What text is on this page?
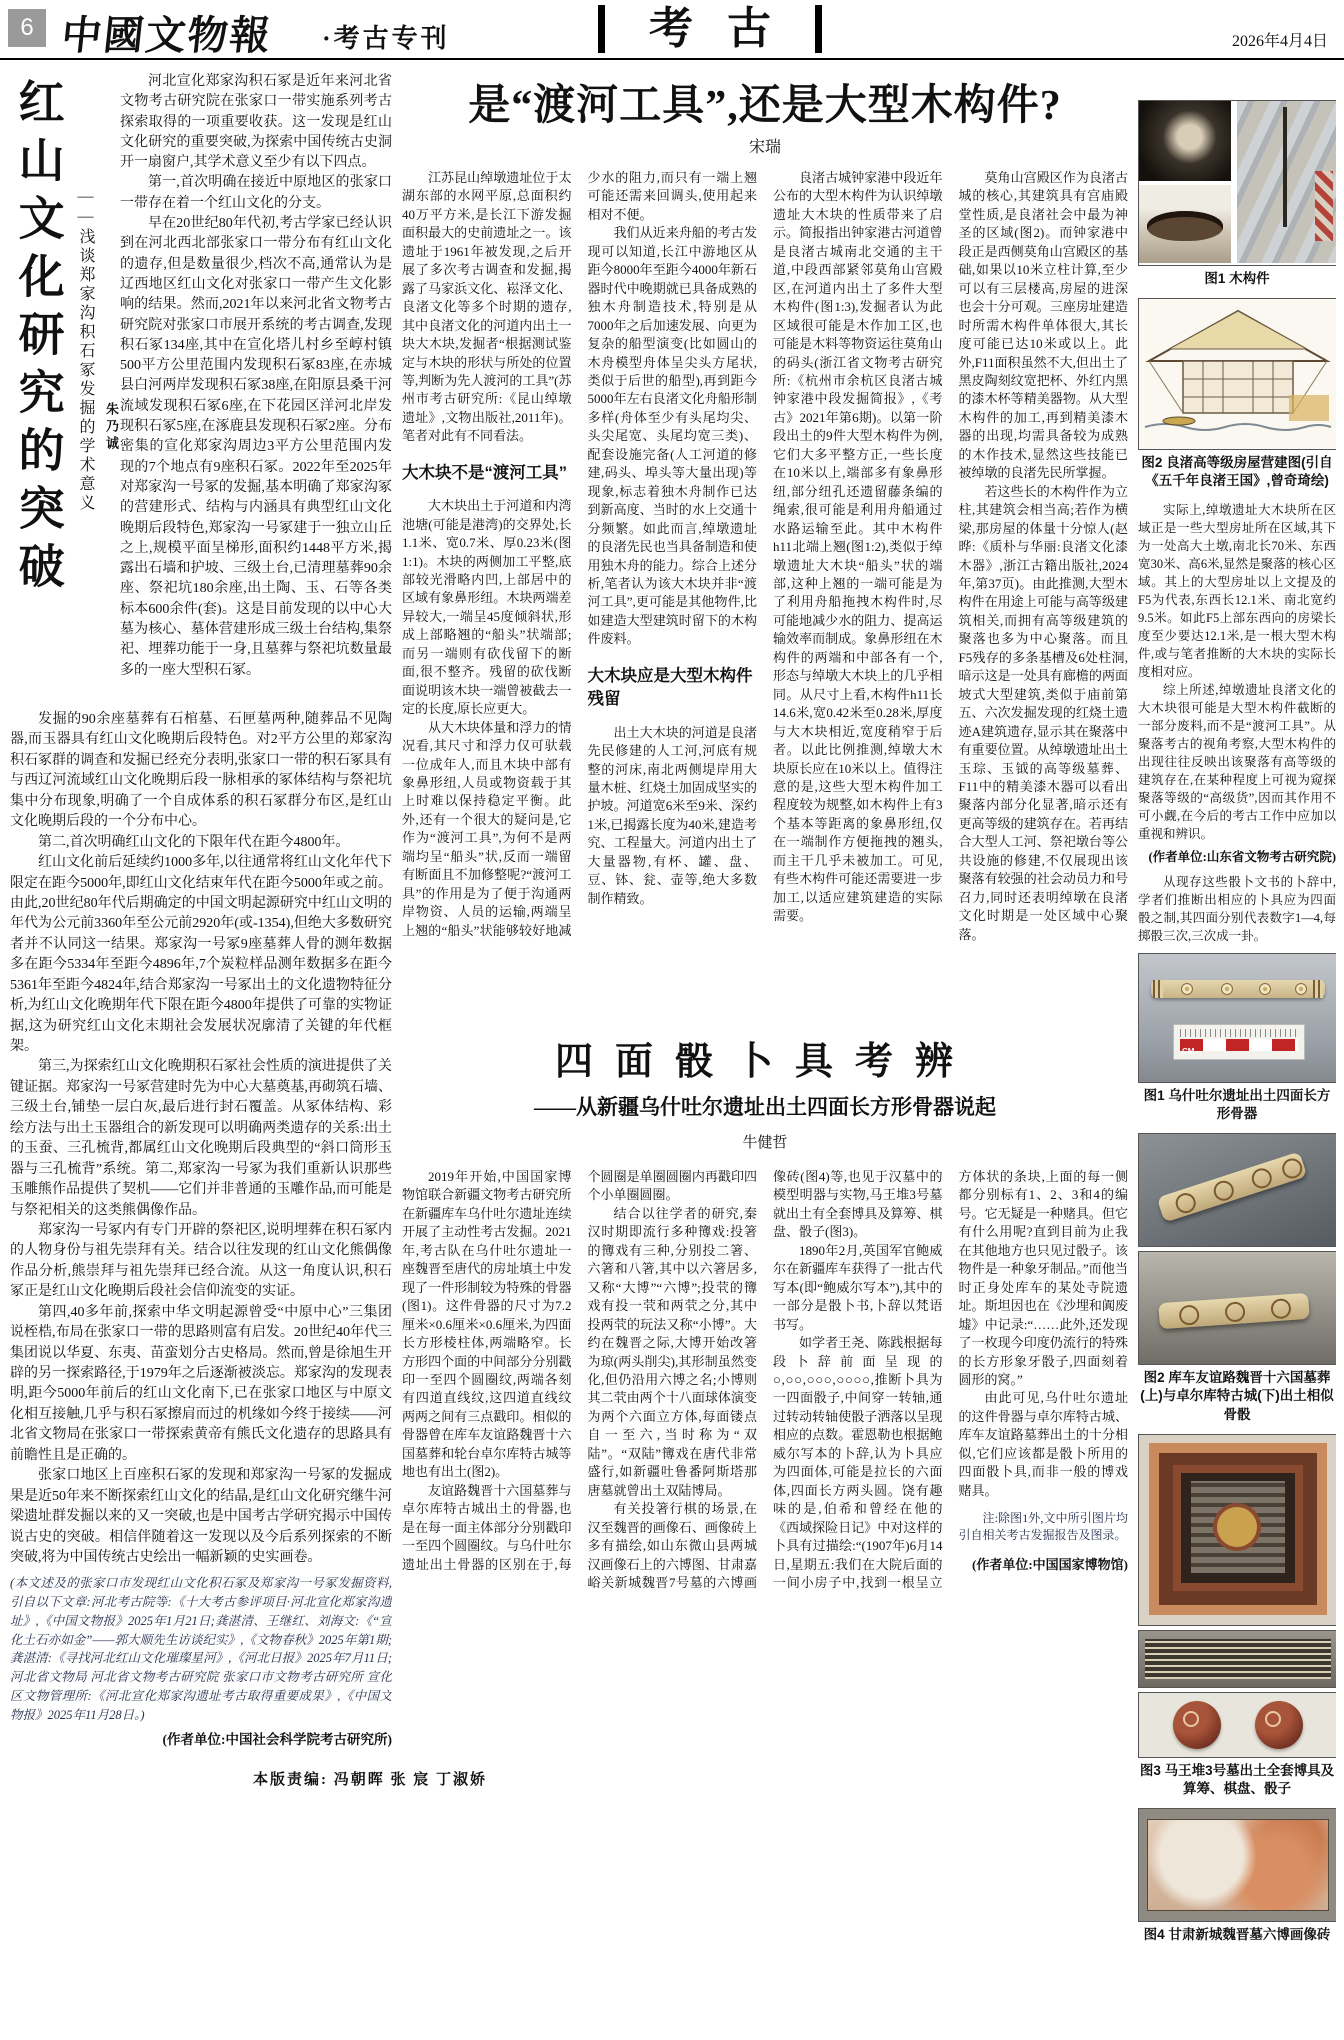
6 中國文物報 ·考古专刊	考古	2026年4月4日
红山文化研究的突破 ——浅谈郑家沟积石冢发掘的学术意义 朱乃诚

河北宣化郑家沟积石冢是近年来河北省文物考古研究院在张家口一带实施系列考古探索取得的一项重要收获。这一发现是红山文化研究的重要突破,为探索中国传统古史洞开一扇窗户,其学术意义至少有以下四点。

第一,首次明确在接近中原地区的张家口一带存在着一个红山文化的分支。

早在20世纪80年代初,考古学家已经认识到在河北西北部张家口一带分布有红山文化的遗存,但是数量很少,档次不高,通常认为是辽西地区红山文化对张家口一带产生文化影响的结果。然而,2021年以来河北省文物考古研究院对张家口市展开系统的考古调查,发现积石冢134座,其中在宣化塔儿村乡至崞村镇500平方公里范围内发现积石冢83座,在赤城县白河两岸发现积石冢38座,在阳原县桑干河流域发现积石冢6座,在下花园区洋河北岸发现积石冢5座,在涿鹿县发现积石冢2座。分布密集的宣化郑家沟周边3平方公里范围内发现的7个地点有9座积石冢。2022年至2025年对郑家沟一号冢的发掘,基本明确了郑家沟冢的营建形式、结构与内涵具有典型红山文化晚期后段特色,郑家沟一号冢建于一独立山丘之上,规模平面呈梯形,面积约1448平方米,揭露出石墙和护坡、三级土台,已清理墓葬90余座、祭祀坑180余座,出土陶、玉、石等各类标本600余件(套)。这是目前发现的以中心大墓为核心、墓体营建形成三级土台结构,集祭祀、埋葬功能于一身,且墓葬与祭祀坑数量最多的一座大型积石冢。

发掘的90余座墓葬有石棺墓、石匣墓两种,随葬品不见陶器,而玉器具有红山文化晚期后段特色。对2平方公里的郑家沟积石冢群的调查和发掘已经充分表明,张家口一带的积石冢具有与西辽河流域红山文化晚期后段一脉相承的冢体结构与祭祀坑集中分布现象,明确了一个自成体系的积石冢群分布区,是红山文化晚期后段的一个分布中心。

第二,首次明确红山文化的下限年代在距今4800年。

红山文化前后延续约1000多年,以往通常将红山文化年代下限定在距今5000年,即红山文化结束年代在距今5000年或之前。由此,20世纪80年代后期确定的中国文明起源研究中红山文明的年代为公元前3360年至公元前2920年(或-1354),但绝大多数研究者并不认同这一结果。郑家沟一号冢9座墓葬人骨的测年数据多在距今5334年至距今4896年,7个炭粒样品测年数据多在距今5361年至距今4824年,结合郑家沟一号冢出土的文化遗物特征分析,为红山文化晚期年代下限在距今4800年提供了可靠的实物证据,这为研究红山文化末期社会发展状况廓清了关键的年代框架。

第三,为探索红山文化晚期积石冢社会性质的演进提供了关键证据。郑家沟一号冢营建时先为中心大墓奠基,再砌筑石墙、三级土台,铺垫一层白灰,最后进行封石覆盖。从冢体结构、彩绘方法与出土玉器组合的新发现可以明确两类遗存的关系:出土的玉蚕、三孔梳背,都属红山文化晚期后段典型的“斜口筒形玉器与三孔梳背”系统。第二,郑家沟一号冢为我们重新认识那些玉雕熊作品提供了契机——它们并非普通的玉雕作品,而可能是与祭祀相关的这类熊偶像作品。

郑家沟一号冢内有专门开辟的祭祀区,说明埋葬在积石冢内的人物身份与祖先崇拜有关。结合以往发现的红山文化熊偶像作品分析,熊崇拜与祖先崇拜已经合流。从这一角度认识,积石冢正是红山文化晚期后段社会信仰流变的实证。

第四,40多年前,探索中华文明起源曾受“中原中心”三集团说桎梏,布局在张家口一带的思路则富有启发。20世纪40年代三集团说以华夏、东夷、苗蛮划分古史格局。然而,曾是徐旭生开辟的另一探索路径,于1979年之后逐渐被淡忘。郑家沟的发现表明,距今5000年前后的红山文化南下,已在张家口地区与中原文化相互接触,几乎与积石冢擦肩而过的机缘如今终于接续——河北省文物局在张家口一带探索黄帝有熊氏文化遗存的思路具有前瞻性且是正确的。

张家口地区上百座积石冢的发现和郑家沟一号冢的发掘成果是近50年来不断探索红山文化的结晶,是红山文化研究继牛河梁遗址群发掘以来的又一突破,也是中国考古学研究揭示中国传说古史的突破。相信伴随着这一发现以及今后系列探索的不断突破,将为中国传统古史绘出一幅新颖的史实画卷。

(本文述及的张家口市发现红山文化积石冢及郑家沟一号冢发掘资料,引自以下文章:河北考古院等:《十大考古参评项目·河北宣化郑家沟遗址》,《中国文物报》2025年1月21日;龚湛清、王继红、刘海文:《“宣化土石亦如金”——郭大顺先生访谈纪实》,《文物春秋》2025年第1期;龚湛清:《寻找河北红山文化璀璨星河》,《河北日报》2025年7月11日;河北省文物局 河北省文物考古研究院 张家口市文物考古研究所 宣化区文物管理所:《河北宣化郑家沟遗址考古取得重要成果》,《中国文物报》2025年11月28日。)
(作者单位:中国社会科学院考古研究所)
本版责编: 冯朝晖 张 宸 丁淑娇
是“渡河工具”,还是大型木构件?
宋瑞

江苏昆山绰墩遗址位于太湖东部的水网平原,总面积约40万平方米,是长江下游发掘面积最大的史前遗址之一。该遗址于1961年被发现,之后开展了多次考古调查和发掘,揭露了马家浜文化、崧泽文化、良渚文化等多个时期的遗存,其中良渚文化的河道内出土一块大木块,发掘者“根据测试鉴定与木块的形状与所处的位置等,判断为先人渡河的工具”(苏州市考古研究所:《昆山绰墩遗址》,文物出版社,2011年)。笔者对此有不同看法。

大木块不是“渡河工具”

大木块出土于河道和内湾池塘(可能是港湾)的交界处,长1.1米、宽0.7米、厚0.23米(图1:1)。木块的两侧加工平整,底部较光滑略内凹,上部居中的区域有象鼻形纽。木块两端差异较大,一端呈45度倾斜状,形成上部略翘的“船头”状端部;而另一端则有砍伐留下的断面,很不整齐。残留的砍伐断面说明该木块一端曾被截去一定的长度,原长应更大。

从大木块体量和浮力的情况看,其尺寸和浮力仅可驮载一位成年人,而且木块中部有象鼻形纽,人员或物资载于其上时难以保持稳定平衡。此外,还有一个很大的疑问是,它作为“渡河工具”,为何不是两端均呈“船头”状,反而一端留有断面且不加修整呢?“渡河工具”的作用是为了便于沟通两岸物资、人员的运输,两端呈上翘的“船头”状能够较好地减少水的阻力,而只有一端上翘可能还需来回调头,使用起来相对不便。

我们从近来舟船的考古发现可以知道,长江中游地区从距今8000年至距今4000年新石器时代中晚期就已具备成熟的独木舟制造技术,特别是从7000年之后加速发展、向更为复杂的船型演变(比如圆山的木舟模型舟体呈尖头方尾状,类似于后世的船型),再到距今5000年左右良渚文化舟船形制多样(舟体至少有头尾均尖、头尖尾宽、头尾均宽三类)、配套设施完备(人工河道的修建,码头、埠头等大量出现)等现象,标志着独木舟制作已达到新高度、当时的水上交通十分频繁。如此而言,绰墩遗址的良渚先民也当具备制造和使用独木舟的能力。综合上述分析,笔者认为该大木块并非“渡河工具”,更可能是其他物件,比如建造大型建筑时留下的木构件废料。

大木块应是大型木构件残留

出土大木块的河道是良渚先民修建的人工河,河底有规整的河床,南北两侧堤岸用大量木桩、红烧土加固成坚实的护坡。河道宽6米至9米、深约1米,已揭露长度为40米,建造考究、工程量大。河道内出土了大量器物,有杯、罐、盘、豆、钵、瓮、壶等,绝大多数制作精致。

良渚古城钟家港中段近年公布的大型木构件为认识绰墩遗址大木块的性质带来了启示。简报指出钟家港古河道曾是良渚古城南北交通的主干道,中段西部紧邻莫角山宫殿区,在河道内出土了多件大型木构件(图1:3),发掘者认为此区域很可能是木作加工区,也可能是木料等物资运往莫角山的码头(浙江省文物考古研究所:《杭州市余杭区良渚古城钟家港中段发掘简报》,《考古》2021年第6期)。以第一阶段出土的9件大型木构件为例,它们大多平整方正,一些长度在10米以上,端部多有象鼻形纽,部分纽孔还遗留藤条编的绳索,很可能是利用舟船通过水路运输至此。其中木构件h11北端上翘(图1:2),类似于绰墩遗址大木块“船头”状的端部,这种上翘的一端可能是为了利用舟船拖拽木构件时,尽可能地减少水的阻力、提高运输效率而制成。象鼻形纽在木构件的两端和中部各有一个,形态与绰墩大木块上的几乎相同。从尺寸上看,木构件h11长14.6米,宽0.42米至0.28米,厚度与大木块相近,宽度稍窄于后者。以此比例推测,绰墩大木块原长应在10米以上。值得注意的是,这些大型木构件加工程度较为规整,如木构件上有3个基本等距离的象鼻形纽,仅在一端制作方便拖拽的翘头,而主干几乎未被加工。可见,有些木构件可能还需要进一步加工,以适应建筑建造的实际需要。

莫角山宫殿区作为良渚古城的核心,其建筑具有宫庙殿堂性质,是良渚社会中最为神圣的区域(图2)。而钟家港中段正是西侧莫角山宫殿区的基础,如果以10米立柱计算,至少可以有三层楼高,房屋的进深也会十分可观。三座房址建造时所需木构件单体很大,其长度可能已达10米或以上。此外,F11面积虽然不大,但出土了黑皮陶刻纹宽把杯、外红内黑的漆木杯等精美器物。从大型木构件的加工,再到精美漆木器的出现,均需具备较为成熟的木作技术,显然这些技能已被绰墩的良渚先民所掌握。

若这些长的木构件作为立柱,其建筑会相当高;若作为横梁,那房屋的体量十分惊人(赵晔:《质朴与华丽:良渚文化漆木器》,浙江古籍出版社,2024年,第37页)。由此推测,大型木构件在用途上可能与高等级建筑相关,而拥有高等级建筑的聚落也多为中心聚落。而且F5残存的多条基槽及6处柱洞,暗示这是一处具有廊檐的两面坡式大型建筑,类似于庙前第五、六次发掘发现的红烧土遗迹A建筑遗存,显示其在聚落中有重要位置。从绰墩遗址出土玉琮、玉钺的高等级墓葬、F11中的精美漆木器可以看出聚落内部分化显著,暗示还有更高等级的建筑存在。若再结合大型人工河、祭祀墩台等公共设施的修建,不仅展现出该聚落有较强的社会动员力和号召力,同时还表明绰墩在良渚文化时期是一处区域中心聚落。

四面骰卜具考辨
——从新疆乌什吐尔遗址出土四面长方形骨器说起
牛健哲

2019年开始,中国国家博物馆联合新疆文物考古研究所在新疆库车乌什吐尔遗址连续开展了主动性考古发掘。2021年,考古队在乌什吐尔遗址一座魏晋至唐代的房址填土中发现了一件形制较为特殊的骨器(图1)。这件骨器的尺寸为7.2厘米×0.6厘米×0.6厘米,为四面长方形棱柱体,两端略窄。长方形四个面的中间部分分别戳印一至四个圆圈纹,两端各刻有四道直线纹,这四道直线纹两两之间有三点戳印。相似的骨器曾在库车友谊路魏晋十六国墓葬和轮台卓尔库特古城等地也有出土(图2)。

友谊路魏晋十六国墓葬与卓尔库特古城出土的骨器,也是在每一面主体部分分别戳印一至四个圆圈纹。与乌什吐尔遗址出土骨器的区别在于,每个圆圈是单圈圆圈内再戳印四个小单圈圆圈。

结合以往学者的研究,秦汉时期即流行多种簙戏:投箸的簙戏有三种,分别投二箸、六箸和八箸,其中以六箸居多,又称“大博”“六博”;投茕的簙戏有投一茕和两茕之分,其中投两茕的玩法又称“小博”。大约在魏晋之际,大博开始改箸为琼(两头削尖),其形制虽然变化,但仍沿用六博之名;小博则其二茕由两个十八面球体演变为两个六面立方体,每面镂点自一至六,当时称为“双陆”。“双陆”簙戏在唐代非常盛行,如新疆吐鲁番阿斯塔那唐墓就曾出土双陆博局。

有关投箸行棋的场景,在汉至魏晋的画像石、画像砖上多有描绘,如山东微山县两城汉画像石上的六博图、甘肃嘉峪关新城魏晋7号墓的六博画像砖(图4)等,也见于汉墓中的模型明器与实物,马王堆3号墓就出土有全套博具及算筹、棋盘、骰子(图3)。

1890年2月,英国军官鲍威尔在新疆库车获得了一批古代写本(即“鲍威尔写本”),其中的一部分是骰卜书,卜辞以梵语书写。

如学者王尧、陈践根据每段卜辞前面呈现的○,○○,○○○,○○○○,推断卜具为一四面骰子,中间穿一转轴,通过转动转轴使骰子洒落以呈现相应的点数。霍恩勒也根据鲍威尔写本的卜辞,认为卜具应为四面体,可能是拉长的六面体,四面长方两头圆。饶有趣味的是,伯希和曾经在他的《西域探险日记》中对这样的卜具有过描绘:“(1907年)6月14日,星期五:我们在大院后面的一间小房子中,找到一根呈立方体状的条块,上面的每一侧都分别标有1、2、3和4的编号。它无疑是一种赌具。但它有什么用呢?直到目前为止我在其他地方也只见过骰子。该物件是一种象牙制品。”而他当时正身处库车的某处寺院遗址。斯坦因也在《沙埋和阗废墟》中记录:“……此外,还发现了一枚现今印度仍流行的特殊的长方形象牙骰子,四面刻着圆形的窝。”

由此可见,乌什吐尔遗址的这件骨器与卓尔库特古城、库车友谊路墓葬出土的十分相似,它们应该都是骰卜所用的四面骰卜具,而非一般的博戏赌具。

注:除图1外,文中所引图片均引自相关考古发掘报告及图录。

(作者单位:中国国家博物馆)

图1 木构件
图2 良渚高等级房屋营建图(引自《五千年良渚王国》,曾奇琦绘)

实际上,绰墩遗址大木块所在区域正是一些大型房址所在区域,其下为一处高大土墩,南北长70米、东西宽30米、高6米,显然是聚落的核心区域。其上的大型房址以上文提及的F5为代表,东西长12.1米、南北宽约9.5米。如此F5上部东西向的房梁长度至少要达12.1米,是一根大型木构件,或与笔者推断的大木块的实际长度相对应。

综上所述,绰墩遗址良渚文化的大木块很可能是大型木构件截断的一部分废料,而不是“渡河工具”。从聚落考古的视角考察,大型木构件的出现往往反映出该聚落有高等级的建筑存在,在某种程度上可视为窥探聚落等级的“高级货”,因而其作用不可小觑,在今后的考古工作中应加以重视和辨识。

(作者单位:山东省文物考古研究院)

从现存这些骰卜文书的卜辞中,学者们推断出相应的卜具应为四面骰之制,其四面分别代表数字1—4,每掷骰三次,三次成一卦。

CM
图1 乌什吐尔遗址出土四面长方形骨器
图2 库车友谊路魏晋十六国墓葬(上)与卓尔库特古城(下)出土相似骨骰
图3 马王堆3号墓出土全套博具及算筹、棋盘、骰子
图4 甘肃新城魏晋墓六博画像砖
